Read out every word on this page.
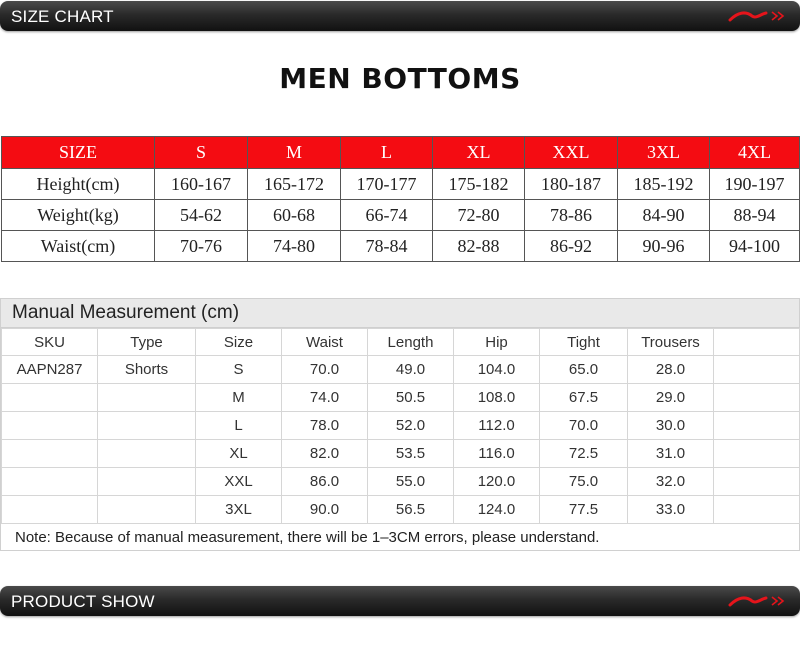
SIZE CHART
MEN BOTTOMS
SIZE	S	M	L	XL	XXL	3XL	4XL
Height(cm)	160-167	165-172	170-177	175-182	180-187	185-192	190-197
Weight(kg)	54-62	60-68	66-74	72-80	78-86	84-90	88-94
Waist(cm)	70-76	74-80	78-84	82-88	86-92	90-96	94-100
Manual Measurement (cm)
SKU	Type	Size	Waist	Length	Hip	Tight	Trousers	
AAPN287	Shorts	S	70.0	49.0	104.0	65.0	28.0	
		M	74.0	50.5	108.0	67.5	29.0	
		L	78.0	52.0	112.0	70.0	30.0	
		XL	82.0	53.5	116.0	72.5	31.0	
		XXL	86.0	55.0	120.0	75.0	32.0	
		3XL	90.0	56.5	124.0	77.5	33.0	
Note: Because of manual measurement, there will be 1–3CM errors, please understand.
PRODUCT SHOW
